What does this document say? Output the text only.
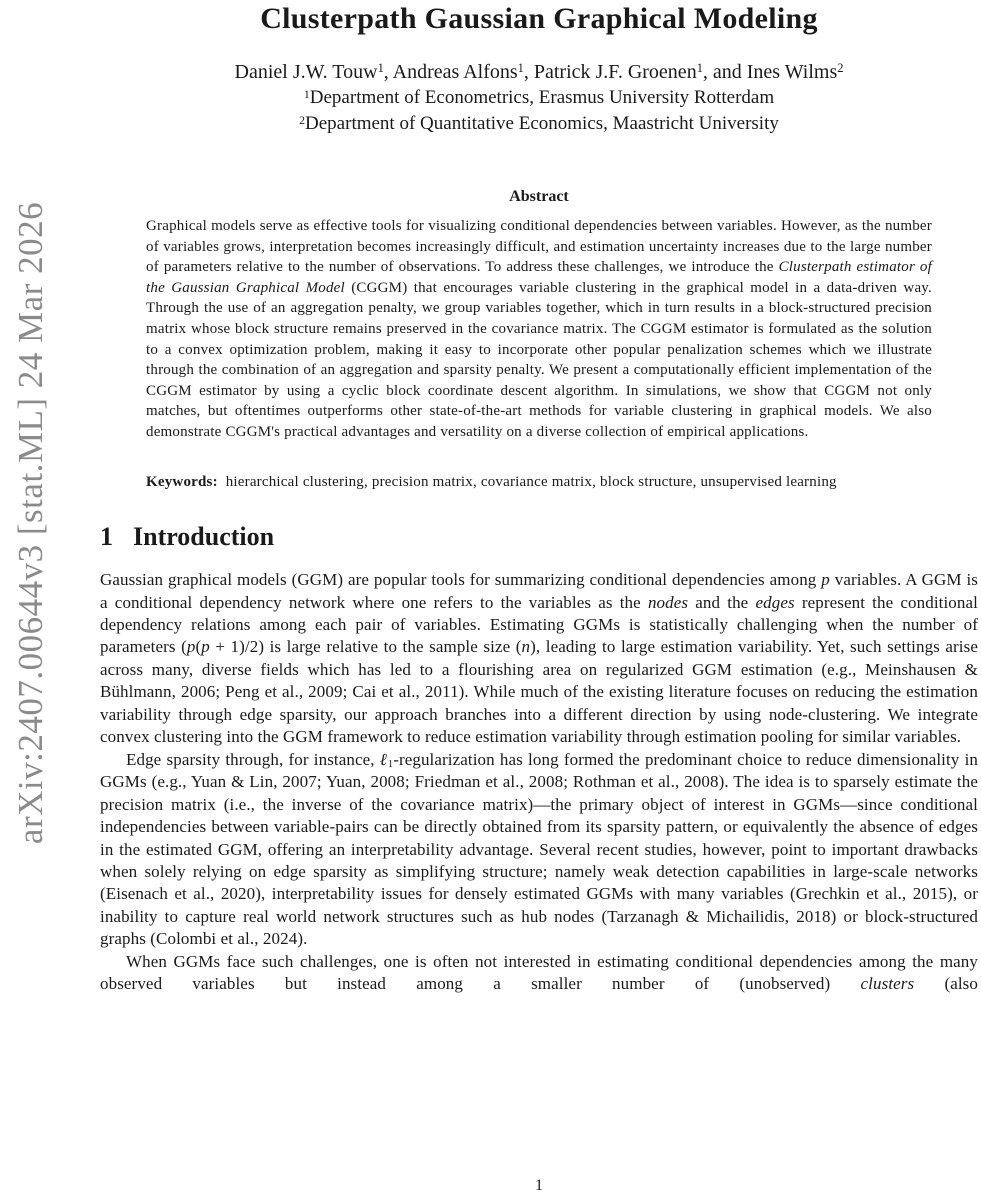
arXiv:2407.00644v3 [stat.ML] 24 Mar 2026
Clusterpath Gaussian Graphical Modeling
Daniel J.W. Touw$^1$, Andreas Alfons$^1$, Patrick J.F. Groenen$^1$, and Ines Wilms$^2$
$^1$Department of Econometrics, Erasmus University Rotterdam
$^2$Department of Quantitative Economics, Maastricht University
Abstract

Graphical models serve as effective tools for visualizing conditional dependencies between variables. However, as the number of variables grows, interpretation becomes increasingly difficult, and estimation uncertainty increases due to the large number of parameters relative to the number of observations. To address these challenges, we introduce the Clusterpath estimator of the Gaussian Graphical Model (CGGM) that encourages variable clustering in the graphical model in a data-driven way. Through the use of an aggregation penalty, we group variables together, which in turn results in a block-structured precision matrix whose block structure remains preserved in the covariance matrix. The CGGM estimator is formulated as the solution to a convex optimization problem, making it easy to incorporate other popular penalization schemes which we illustrate through the combination of an aggregation and sparsity penalty. We present a computationally efficient implementation of the CGGM estimator by using a cyclic block coordinate descent algorithm. In simulations, we show that CGGM not only matches, but oftentimes outperforms other state-of-the-art methods for variable clustering in graphical models. We also demonstrate CGGM's practical advantages and versatility on a diverse collection of empirical applications.

Keywords:  hierarchical clustering, precision matrix, covariance matrix, block structure, unsupervised learning

1 Introduction

Gaussian graphical models (GGM) are popular tools for summarizing conditional dependencies among p variables. A GGM is a conditional dependency network where one refers to the variables as the nodes and the edges represent the conditional dependency relations among each pair of variables. Estimating GGMs is statistically challenging when the number of parameters (p(p + 1)/2) is large relative to the sample size (n), leading to large estimation variability. Yet, such settings arise across many, diverse fields which has led to a flourishing area on regularized GGM estimation (e.g., Meinshausen & Bühlmann, 2006; Peng et al., 2009; Cai et al., 2011). While much of the existing literature focuses on reducing the estimation variability through edge sparsity, our approach branches into a different direction by using node-clustering. We integrate convex clustering into the GGM framework to reduce estimation variability through estimation pooling for similar variables.

Edge sparsity through, for instance, ℓ1-regularization has long formed the predominant choice to reduce dimensionality in GGMs (e.g., Yuan & Lin, 2007; Yuan, 2008; Friedman et al., 2008; Rothman et al., 2008). The idea is to sparsely estimate the precision matrix (i.e., the inverse of the covariance matrix)—the primary object of interest in GGMs—since conditional independencies between variable-pairs can be directly obtained from its sparsity pattern, or equivalently the absence of edges in the estimated GGM, offering an interpretability advantage. Several recent studies, however, point to important drawbacks when solely relying on edge sparsity as simplifying structure; namely weak detection capabilities in large-scale networks (Eisenach et al., 2020), interpretability issues for densely estimated GGMs with many variables (Grechkin et al., 2015), or inability to capture real world network structures such as hub nodes (Tarzanagh & Michailidis, 2018) or block-structured graphs (Colombi et al., 2024).

When GGMs face such challenges, one is often not interested in estimating conditional dependencies among the many observed variables but instead among a smaller number of (unobserved) clusters (also

1
